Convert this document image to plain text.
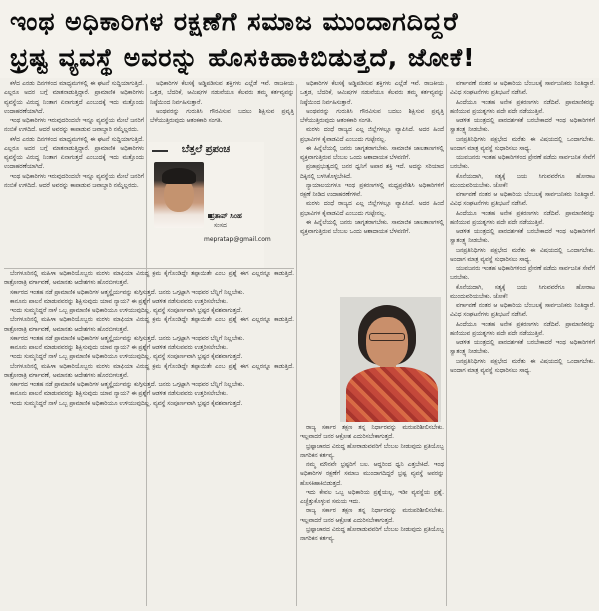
ಇಂಥ ಅಧಿಕಾರಿಗಳ ರಕ್ಷಣೆಗೆ ಸಮಾಜ ಮುಂದಾಗದಿದ್ದರೆ
ಭ್ರಷ್ಟ ವ್ಯವಸ್ಥೆ ಅವರನ್ನು ಹೊಸಕಿಹಾಕಿಬಿಡುತ್ತದೆ, ಜೋಕೆ!

ಕಳೆದ ಎರಡು ದಿನಗಳಿಂದ ಮಾಧ್ಯಮಗಳಲ್ಲಿ ಈ ಘಟನೆ ಸುದ್ದಿಯಾಗುತ್ತಿದೆ. ಎಲ್ಲರೂ ಅದರ ಬಗ್ಗೆ ಮಾತನಾಡುತ್ತಿದ್ದಾರೆ. ಪ್ರಾಮಾಣಿಕ ಅಧಿಕಾರಿಗಳು ವ್ಯವಸ್ಥೆಯ ವಿರುದ್ಧ ನಿಂತಾಗ ಏನಾಗುತ್ತದೆ ಎಂಬುದಕ್ಕೆ ಇದು ಮತ್ತೊಂದು ಉದಾಹರಣೆಯಾಗಿದೆ.

ಇಂಥ ಅಧಿಕಾರಿಗಳು ಇರುವುದರಿಂದಲೇ ಇನ್ನೂ ವ್ಯವಸ್ಥೆಯ ಮೇಲೆ ಜನರಿಗೆ ನಂಬಿಕೆ ಉಳಿದಿದೆ. ಆದರೆ ಅವರನ್ನು ಕಾಪಾಡುವ ಜವಾಬ್ದಾರಿ ನಮ್ಮೆಲ್ಲರದು.

ಕಳೆದ ಎರಡು ದಿನಗಳಿಂದ ಮಾಧ್ಯಮಗಳಲ್ಲಿ ಈ ಘಟನೆ ಸುದ್ದಿಯಾಗುತ್ತಿದೆ. ಎಲ್ಲರೂ ಅದರ ಬಗ್ಗೆ ಮಾತನಾಡುತ್ತಿದ್ದಾರೆ. ಪ್ರಾಮಾಣಿಕ ಅಧಿಕಾರಿಗಳು ವ್ಯವಸ್ಥೆಯ ವಿರುದ್ಧ ನಿಂತಾಗ ಏನಾಗುತ್ತದೆ ಎಂಬುದಕ್ಕೆ ಇದು ಮತ್ತೊಂದು ಉದಾಹರಣೆಯಾಗಿದೆ.

ಇಂಥ ಅಧಿಕಾರಿಗಳು ಇರುವುದರಿಂದಲೇ ಇನ್ನೂ ವ್ಯವಸ್ಥೆಯ ಮೇಲೆ ಜನರಿಗೆ ನಂಬಿಕೆ ಉಳಿದಿದೆ. ಆದರೆ ಅವರನ್ನು ಕಾಪಾಡುವ ಜವಾಬ್ದಾರಿ ನಮ್ಮೆಲ್ಲರದು.

ಬೆಂಗಳೂರಿನಲ್ಲಿ ಮಹಿಳಾ ಅಧಿಕಾರಿಯೊಬ್ಬರು ಮರಳು ಮಾಫಿಯಾ ವಿರುದ್ಧ ಕ್ರಮ ಕೈಗೊಂಡಿದ್ದೇ ತಪ್ಪಾಯಿತೇ ಎಂಬ ಪ್ರಶ್ನೆ ಈಗ ಎಲ್ಲರನ್ನೂ ಕಾಡುತ್ತಿದೆ. ರಾತ್ರೋರಾತ್ರಿ ವರ್ಗಾವಣೆ, ಅಮಾನತು ಆದೇಶಗಳು ಹೊರಬೀಳುತ್ತವೆ.

ಸರ್ಕಾರದ ಇಂತಹ ನಡೆ ಪ್ರಾಮಾಣಿಕ ಅಧಿಕಾರಿಗಳ ಆತ್ಮಸ್ಥೈರ್ಯವನ್ನು ಕುಗ್ಗಿಸುತ್ತದೆ. ಜನರು ಒಗ್ಗಟ್ಟಾಗಿ ಇಂಥವರ ಬೆನ್ನಿಗೆ ನಿಲ್ಲಬೇಕು.

ಕಾನೂನು ಪಾಲನೆ ಮಾಡುವವರನ್ನು ಶಿಕ್ಷಿಸುವುದು ಯಾವ ನ್ಯಾಯ? ಈ ಪ್ರಶ್ನೆಗೆ ಆಡಳಿತ ನಡೆಸುವವರು ಉತ್ತರಿಸಲೇಬೇಕು.

ಇಂದು ಸುಮ್ಮನಿದ್ದರೆ ನಾಳೆ ಒಬ್ಬ ಪ್ರಾಮಾಣಿಕ ಅಧಿಕಾರಿಯೂ ಉಳಿಯುವುದಿಲ್ಲ. ವ್ಯವಸ್ಥೆ ಸಂಪೂರ್ಣವಾಗಿ ಭ್ರಷ್ಟರ ಕೈವಶವಾಗುತ್ತದೆ.

ಬೆಂಗಳೂರಿನಲ್ಲಿ ಮಹಿಳಾ ಅಧಿಕಾರಿಯೊಬ್ಬರು ಮರಳು ಮಾಫಿಯಾ ವಿರುದ್ಧ ಕ್ರಮ ಕೈಗೊಂಡಿದ್ದೇ ತಪ್ಪಾಯಿತೇ ಎಂಬ ಪ್ರಶ್ನೆ ಈಗ ಎಲ್ಲರನ್ನೂ ಕಾಡುತ್ತಿದೆ. ರಾತ್ರೋರಾತ್ರಿ ವರ್ಗಾವಣೆ, ಅಮಾನತು ಆದೇಶಗಳು ಹೊರಬೀಳುತ್ತವೆ.

ಸರ್ಕಾರದ ಇಂತಹ ನಡೆ ಪ್ರಾಮಾಣಿಕ ಅಧಿಕಾರಿಗಳ ಆತ್ಮಸ್ಥೈರ್ಯವನ್ನು ಕುಗ್ಗಿಸುತ್ತದೆ. ಜನರು ಒಗ್ಗಟ್ಟಾಗಿ ಇಂಥವರ ಬೆನ್ನಿಗೆ ನಿಲ್ಲಬೇಕು.

ಕಾನೂನು ಪಾಲನೆ ಮಾಡುವವರನ್ನು ಶಿಕ್ಷಿಸುವುದು ಯಾವ ನ್ಯಾಯ? ಈ ಪ್ರಶ್ನೆಗೆ ಆಡಳಿತ ನಡೆಸುವವರು ಉತ್ತರಿಸಲೇಬೇಕು.

ಇಂದು ಸುಮ್ಮನಿದ್ದರೆ ನಾಳೆ ಒಬ್ಬ ಪ್ರಾಮಾಣಿಕ ಅಧಿಕಾರಿಯೂ ಉಳಿಯುವುದಿಲ್ಲ. ವ್ಯವಸ್ಥೆ ಸಂಪೂರ್ಣವಾಗಿ ಭ್ರಷ್ಟರ ಕೈವಶವಾಗುತ್ತದೆ.

ಬೆಂಗಳೂರಿನಲ್ಲಿ ಮಹಿಳಾ ಅಧಿಕಾರಿಯೊಬ್ಬರು ಮರಳು ಮಾಫಿಯಾ ವಿರುದ್ಧ ಕ್ರಮ ಕೈಗೊಂಡಿದ್ದೇ ತಪ್ಪಾಯಿತೇ ಎಂಬ ಪ್ರಶ್ನೆ ಈಗ ಎಲ್ಲರನ್ನೂ ಕಾಡುತ್ತಿದೆ. ರಾತ್ರೋರಾತ್ರಿ ವರ್ಗಾವಣೆ, ಅಮಾನತು ಆದೇಶಗಳು ಹೊರಬೀಳುತ್ತವೆ.

ಸರ್ಕಾರದ ಇಂತಹ ನಡೆ ಪ್ರಾಮಾಣಿಕ ಅಧಿಕಾರಿಗಳ ಆತ್ಮಸ್ಥೈರ್ಯವನ್ನು ಕುಗ್ಗಿಸುತ್ತದೆ. ಜನರು ಒಗ್ಗಟ್ಟಾಗಿ ಇಂಥವರ ಬೆನ್ನಿಗೆ ನಿಲ್ಲಬೇಕು.

ಕಾನೂನು ಪಾಲನೆ ಮಾಡುವವರನ್ನು ಶಿಕ್ಷಿಸುವುದು ಯಾವ ನ್ಯಾಯ? ಈ ಪ್ರಶ್ನೆಗೆ ಆಡಳಿತ ನಡೆಸುವವರು ಉತ್ತರಿಸಲೇಬೇಕು.

ಇಂದು ಸುಮ್ಮನಿದ್ದರೆ ನಾಳೆ ಒಬ್ಬ ಪ್ರಾಮಾಣಿಕ ಅಧಿಕಾರಿಯೂ ಉಳಿಯುವುದಿಲ್ಲ. ವ್ಯವಸ್ಥೆ ಸಂಪೂರ್ಣವಾಗಿ ಭ್ರಷ್ಟರ ಕೈವಶವಾಗುತ್ತದೆ.

ಅಧಿಕಾರಿಗಳ ಕೆಲಸಕ್ಕೆ ಅಡ್ಡಿಪಡಿಸುವ ಶಕ್ತಿಗಳು ಎಲ್ಲೆಡೆ ಇವೆ. ರಾಜಕೀಯ ಒತ್ತಡ, ಬೆದರಿಕೆ, ಆಮಿಷಗಳ ನಡುವೆಯೂ ಕೆಲವರು ತಮ್ಮ ಕರ್ತವ್ಯವನ್ನು ನಿಷ್ಠೆಯಿಂದ ನಿರ್ವಹಿಸುತ್ತಾರೆ.

ಅಂಥವರನ್ನು ಗುರುತಿಸಿ ಗೌರವಿಸುವ ಬದಲು ಶಿಕ್ಷಿಸುವ ಪ್ರವೃತ್ತಿ ಬೆಳೆಯುತ್ತಿರುವುದು ಆತಂಕಕಾರಿ ಸಂಗತಿ.

ಅಧಿಕಾರಿಗಳ ಕೆಲಸಕ್ಕೆ ಅಡ್ಡಿಪಡಿಸುವ ಶಕ್ತಿಗಳು ಎಲ್ಲೆಡೆ ಇವೆ. ರಾಜಕೀಯ ಒತ್ತಡ, ಬೆದರಿಕೆ, ಆಮಿಷಗಳ ನಡುವೆಯೂ ಕೆಲವರು ತಮ್ಮ ಕರ್ತವ್ಯವನ್ನು ನಿಷ್ಠೆಯಿಂದ ನಿರ್ವಹಿಸುತ್ತಾರೆ.

ಅಂಥವರನ್ನು ಗುರುತಿಸಿ ಗೌರವಿಸುವ ಬದಲು ಶಿಕ್ಷಿಸುವ ಪ್ರವೃತ್ತಿ ಬೆಳೆಯುತ್ತಿರುವುದು ಆತಂಕಕಾರಿ ಸಂಗತಿ.

ಮರಳು ದಂಧೆ ರಾಜ್ಯದ ಎಲ್ಲ ಜಿಲ್ಲೆಗಳಲ್ಲೂ ವ್ಯಾಪಿಸಿದೆ. ಅದರ ಹಿಂದೆ ಪ್ರಭಾವಿಗಳ ಕೈವಾಡವಿದೆ ಎಂಬುದು ಗುಟ್ಟೇನಲ್ಲ.

ಈ ಹಿನ್ನೆಲೆಯಲ್ಲಿ ಜನರು ಜಾಗೃತರಾಗಬೇಕು. ಸಾಮಾಜಿಕ ಜಾಲತಾಣಗಳಲ್ಲಿ ವ್ಯಕ್ತವಾಗುತ್ತಿರುವ ಬೆಂಬಲ ಒಂದು ಆಶಾದಾಯಕ ಬೆಳವಣಿಗೆ.

ಪ್ರಜಾಪ್ರಭುತ್ವದಲ್ಲಿ ಜನರ ಧ್ವನಿಗೆ ಅಪಾರ ಶಕ್ತಿ ಇದೆ. ಅದನ್ನು ಸರಿಯಾದ ದಿಕ್ಕಿನಲ್ಲಿ ಬಳಸಿಕೊಳ್ಳಬೇಕಿದೆ.

ನ್ಯಾಯಾಲಯಗಳೂ ಇಂಥ ಪ್ರಕರಣಗಳಲ್ಲಿ ಮಧ್ಯಪ್ರವೇಶಿಸಿ ಅಧಿಕಾರಿಗಳಿಗೆ ರಕ್ಷಣೆ ನೀಡಿದ ಉದಾಹರಣೆಗಳಿವೆ.

ಮರಳು ದಂಧೆ ರಾಜ್ಯದ ಎಲ್ಲ ಜಿಲ್ಲೆಗಳಲ್ಲೂ ವ್ಯಾಪಿಸಿದೆ. ಅದರ ಹಿಂದೆ ಪ್ರಭಾವಿಗಳ ಕೈವಾಡವಿದೆ ಎಂಬುದು ಗುಟ್ಟೇನಲ್ಲ.

ಈ ಹಿನ್ನೆಲೆಯಲ್ಲಿ ಜನರು ಜಾಗೃತರಾಗಬೇಕು. ಸಾಮಾಜಿಕ ಜಾಲತಾಣಗಳಲ್ಲಿ ವ್ಯಕ್ತವಾಗುತ್ತಿರುವ ಬೆಂಬಲ ಒಂದು ಆಶಾದಾಯಕ ಬೆಳವಣಿಗೆ.

ರಾಜ್ಯ ಸರ್ಕಾರ ತಕ್ಷಣ ತನ್ನ ನಿರ್ಧಾರವನ್ನು ಮರುಪರಿಶೀಲಿಸಬೇಕು. ಇಲ್ಲವಾದರೆ ಜನರ ಆಕ್ರೋಶ ಎದುರಿಸಬೇಕಾಗುತ್ತದೆ.

ಭ್ರಷ್ಟಾಚಾರದ ವಿರುದ್ಧ ಹೋರಾಡುವವರಿಗೆ ಬೆಂಬಲ ನೀಡುವುದು ಪ್ರತಿಯೊಬ್ಬ ನಾಗರಿಕನ ಕರ್ತವ್ಯ.

ನಮ್ಮ ಮೌನವೇ ಭ್ರಷ್ಟರಿಗೆ ಬಲ. ಆದ್ದರಿಂದ ಧ್ವನಿ ಎತ್ತಬೇಕಿದೆ. ಇಂಥ ಅಧಿಕಾರಿಗಳ ರಕ್ಷಣೆಗೆ ಸಮಾಜ ಮುಂದಾಗದಿದ್ದರೆ ಭ್ರಷ್ಟ ವ್ಯವಸ್ಥೆ ಅವರನ್ನು ಹೊಸಕಿಹಾಕಿಬಿಡುತ್ತದೆ.

ಇದು ಕೇವಲ ಒಬ್ಬ ಅಧಿಕಾರಿಯ ಪ್ರಶ್ನೆಯಲ್ಲ, ಇಡೀ ವ್ಯವಸ್ಥೆಯ ಪ್ರಶ್ನೆ. ಎಚ್ಚೆತ್ತುಕೊಳ್ಳುವ ಸಮಯ ಇದು.

ರಾಜ್ಯ ಸರ್ಕಾರ ತಕ್ಷಣ ತನ್ನ ನಿರ್ಧಾರವನ್ನು ಮರುಪರಿಶೀಲಿಸಬೇಕು. ಇಲ್ಲವಾದರೆ ಜನರ ಆಕ್ರೋಶ ಎದುರಿಸಬೇಕಾಗುತ್ತದೆ.

ಭ್ರಷ್ಟಾಚಾರದ ವಿರುದ್ಧ ಹೋರಾಡುವವರಿಗೆ ಬೆಂಬಲ ನೀಡುವುದು ಪ್ರತಿಯೊಬ್ಬ ನಾಗರಿಕನ ಕರ್ತವ್ಯ.

ವರ್ಗಾವಣೆ ನಂತರ ಆ ಅಧಿಕಾರಿಯ ಬೆಂಬಲಕ್ಕೆ ಸಾರ್ವಜನಿಕರು ನಿಂತಿದ್ದಾರೆ. ವಿವಿಧ ಸಂಘಟನೆಗಳು ಪ್ರತಿಭಟನೆ ನಡೆಸಿವೆ.

ಹಿಂದೆಯೂ ಇಂತಹ ಅನೇಕ ಪ್ರಕರಣಗಳು ನಡೆದಿವೆ. ಪ್ರಾಮಾಣಿಕರನ್ನು ಹಣಿಯುವ ಪ್ರಯತ್ನಗಳು ಪದೇ ಪದೇ ನಡೆಯುತ್ತಿವೆ.

ಆಡಳಿತ ಯಂತ್ರದಲ್ಲಿ ಪಾರದರ್ಶಕತೆ ಬರಬೇಕಾದರೆ ಇಂಥ ಅಧಿಕಾರಿಗಳಿಗೆ ಸ್ವಾತಂತ್ರ್ಯ ನೀಡಬೇಕು.

ಜನಪ್ರತಿನಿಧಿಗಳು ಪಕ್ಷಭೇದ ಮರೆತು ಈ ವಿಷಯದಲ್ಲಿ ಒಂದಾಗಬೇಕು. ಅಂದಾಗ ಮಾತ್ರ ವ್ಯವಸ್ಥೆ ಸುಧಾರಿಸಲು ಸಾಧ್ಯ.

ಯುವಜನರು ಇಂತಹ ಅಧಿಕಾರಿಗಳಿಂದ ಪ್ರೇರಣೆ ಪಡೆದು ಸಾರ್ವಜನಿಕ ಸೇವೆಗೆ ಬರಬೇಕು.

ಕೊನೆಯದಾಗಿ, ಸತ್ಯಕ್ಕೆ ಜಯ ಸಿಗುವವರೆಗೂ ಹೋರಾಟ ಮುಂದುವರಿಯಬೇಕು. ಜೋಕೆ!

ವರ್ಗಾವಣೆ ನಂತರ ಆ ಅಧಿಕಾರಿಯ ಬೆಂಬಲಕ್ಕೆ ಸಾರ್ವಜನಿಕರು ನಿಂತಿದ್ದಾರೆ. ವಿವಿಧ ಸಂಘಟನೆಗಳು ಪ್ರತಿಭಟನೆ ನಡೆಸಿವೆ.

ಹಿಂದೆಯೂ ಇಂತಹ ಅನೇಕ ಪ್ರಕರಣಗಳು ನಡೆದಿವೆ. ಪ್ರಾಮಾಣಿಕರನ್ನು ಹಣಿಯುವ ಪ್ರಯತ್ನಗಳು ಪದೇ ಪದೇ ನಡೆಯುತ್ತಿವೆ.

ಆಡಳಿತ ಯಂತ್ರದಲ್ಲಿ ಪಾರದರ್ಶಕತೆ ಬರಬೇಕಾದರೆ ಇಂಥ ಅಧಿಕಾರಿಗಳಿಗೆ ಸ್ವಾತಂತ್ರ್ಯ ನೀಡಬೇಕು.

ಜನಪ್ರತಿನಿಧಿಗಳು ಪಕ್ಷಭೇದ ಮರೆತು ಈ ವಿಷಯದಲ್ಲಿ ಒಂದಾಗಬೇಕು. ಅಂದಾಗ ಮಾತ್ರ ವ್ಯವಸ್ಥೆ ಸುಧಾರಿಸಲು ಸಾಧ್ಯ.

ಯುವಜನರು ಇಂತಹ ಅಧಿಕಾರಿಗಳಿಂದ ಪ್ರೇರಣೆ ಪಡೆದು ಸಾರ್ವಜನಿಕ ಸೇವೆಗೆ ಬರಬೇಕು.

ಕೊನೆಯದಾಗಿ, ಸತ್ಯಕ್ಕೆ ಜಯ ಸಿಗುವವರೆಗೂ ಹೋರಾಟ ಮುಂದುವರಿಯಬೇಕು. ಜೋಕೆ!

ವರ್ಗಾವಣೆ ನಂತರ ಆ ಅಧಿಕಾರಿಯ ಬೆಂಬಲಕ್ಕೆ ಸಾರ್ವಜನಿಕರು ನಿಂತಿದ್ದಾರೆ. ವಿವಿಧ ಸಂಘಟನೆಗಳು ಪ್ರತಿಭಟನೆ ನಡೆಸಿವೆ.

ಹಿಂದೆಯೂ ಇಂತಹ ಅನೇಕ ಪ್ರಕರಣಗಳು ನಡೆದಿವೆ. ಪ್ರಾಮಾಣಿಕರನ್ನು ಹಣಿಯುವ ಪ್ರಯತ್ನಗಳು ಪದೇ ಪದೇ ನಡೆಯುತ್ತಿವೆ.

ಆಡಳಿತ ಯಂತ್ರದಲ್ಲಿ ಪಾರದರ್ಶಕತೆ ಬರಬೇಕಾದರೆ ಇಂಥ ಅಧಿಕಾರಿಗಳಿಗೆ ಸ್ವಾತಂತ್ರ್ಯ ನೀಡಬೇಕು.

ಜನಪ್ರತಿನಿಧಿಗಳು ಪಕ್ಷಭೇದ ಮರೆತು ಈ ವಿಷಯದಲ್ಲಿ ಒಂದಾಗಬೇಕು. ಅಂದಾಗ ಮಾತ್ರ ವ್ಯವಸ್ಥೆ ಸುಧಾರಿಸಲು ಸಾಧ್ಯ.

ಬೆತ್ತಲೆ ಪ್ರಪಂಚ
ಪ್ರತಾಪ್ ಸಿಂಹ
ಸಂಸದ
mepratap@gmail.com
